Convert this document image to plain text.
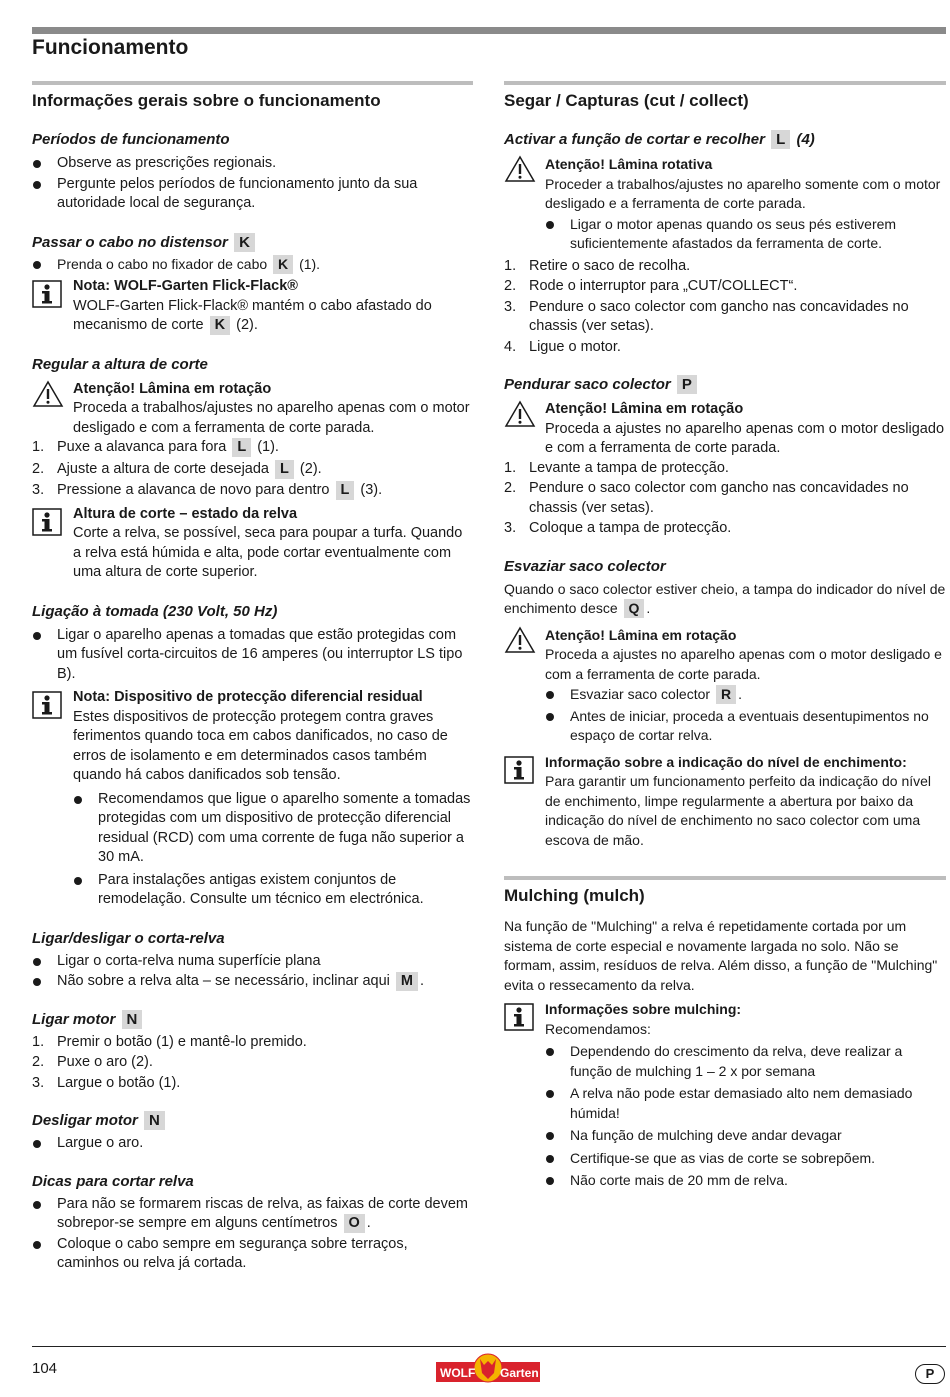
Funcionamento
Informações gerais sobre o funcionamento
Períodos de funcionamento
Observe as prescrições regionais.
Pergunte pelos períodos de funcionamento junto da sua autoridade local de segurança.
Passar o cabo no distensor K
Prenda o cabo no fixador de cabo K (1).
Nota: WOLF-Garten Flick-Flack®
WOLF-Garten Flick-Flack® mantém o cabo afastado do mecanismo de corte K (2).
Regular a altura de corte
Atenção! Lâmina em rotação
Proceda a trabalhos/ajustes no aparelho apenas com o motor desligado e com a ferramenta de corte parada.
1. Puxe a alavanca para fora L (1).
2. Ajuste a altura de corte desejada L (2).
3. Pressione a alavanca de novo para dentro L (3).
Altura de corte – estado da relva
Corte a relva, se possível, seca para poupar a turfa. Quando a relva está húmida e alta, pode cortar eventualmente com uma altura de corte superior.
Ligação à tomada (230 Volt, 50 Hz)
Ligar o aparelho apenas a tomadas que estão protegidas com um fusível corta-circuitos de 16 amperes (ou interruptor LS tipo B).
Nota: Dispositivo de protecção diferencial residual
Estes dispositivos de protecção protegem contra graves ferimentos quando toca em cabos danificados, no caso de erros de isolamento e em determinados casos também quando há cabos danificados sob tensão.
Recomendamos que ligue o aparelho somente a tomadas protegidas com um dispositivo de protecção diferencial residual (RCD) com uma corrente de fuga não superior a 30 mA.
Para instalações antigas existem conjuntos de remodelação. Consulte um técnico em electrónica.
Ligar/desligar o corta-relva
Ligar o corta-relva numa superfície plana
Não sobre a relva alta – se necessário, inclinar aqui M .
Ligar motor N
1. Premir o botão (1) e mantê-lo premido.
2. Puxe o aro (2).
3. Largue o botão (1).
Desligar motor N
Largue o aro.
Dicas para cortar relva
Para não se formarem riscas de relva, as faixas de corte devem sobrepor-se sempre em alguns centímetros O .
Coloque o cabo sempre em segurança sobre terraços, caminhos ou relva já cortada.
Segar / Capturas (cut / collect)
Activar a função de cortar e recolher L (4)
Atenção! Lâmina rotativa
Proceder a trabalhos/ajustes no aparelho somente com o motor desligado e a ferramenta de corte parada.
Ligar o motor apenas quando os seus pés estiverem suficientemente afastados da ferramenta de corte.
1. Retire o saco de recolha.
2. Rode o interruptor para „CUT/COLLECT“.
3. Pendure o saco colector com gancho nas concavidades no chassis (ver setas).
4. Ligue o motor.
Pendurar saco colector P
Atenção! Lâmina em rotação
Proceda a ajustes no aparelho apenas com o motor desligado e com a ferramenta de corte parada.
1. Levante a tampa de protecção.
2. Pendure o saco colector com gancho nas concavidades no chassis (ver setas).
3. Coloque a tampa de protecção.
Esvaziar saco colector
Quando o saco colector estiver cheio, a tampa do indicador do nível de enchimento desce Q .
Atenção! Lâmina em rotação
Proceda a ajustes no aparelho apenas com o motor desligado e com a ferramenta de corte parada.
Esvaziar saco colector R .
Antes de iniciar, proceda a eventuais desentupimentos no espaço de cortar relva.
Informação sobre a indicação do nível de enchimento:
Para garantir um funcionamento perfeito da indicação do nível de enchimento, limpe regularmente a abertura por baixo da indicação do nível de enchimento no saco colector com uma escova de mão.
Mulching (mulch)
Na função de "Mulching" a relva é repetidamente cortada por um sistema de corte especial e novamente largada no solo. Não se formam, assim, resíduos de relva. Além disso, a função de "Mulching" evita o ressecamento da relva.
Informações sobre mulching:
Recomendamos:
Dependendo do crescimento da relva, deve realizar a função de mulching 1 – 2 x por semana
A relva não pode estar demasiado alto nem demasiado húmida!
Na função de mulching deve andar devagar
Certifique-se que as vias de corte se sobrepõem.
Não corte mais de 20 mm de relva.
104	WOLF Garten	P
